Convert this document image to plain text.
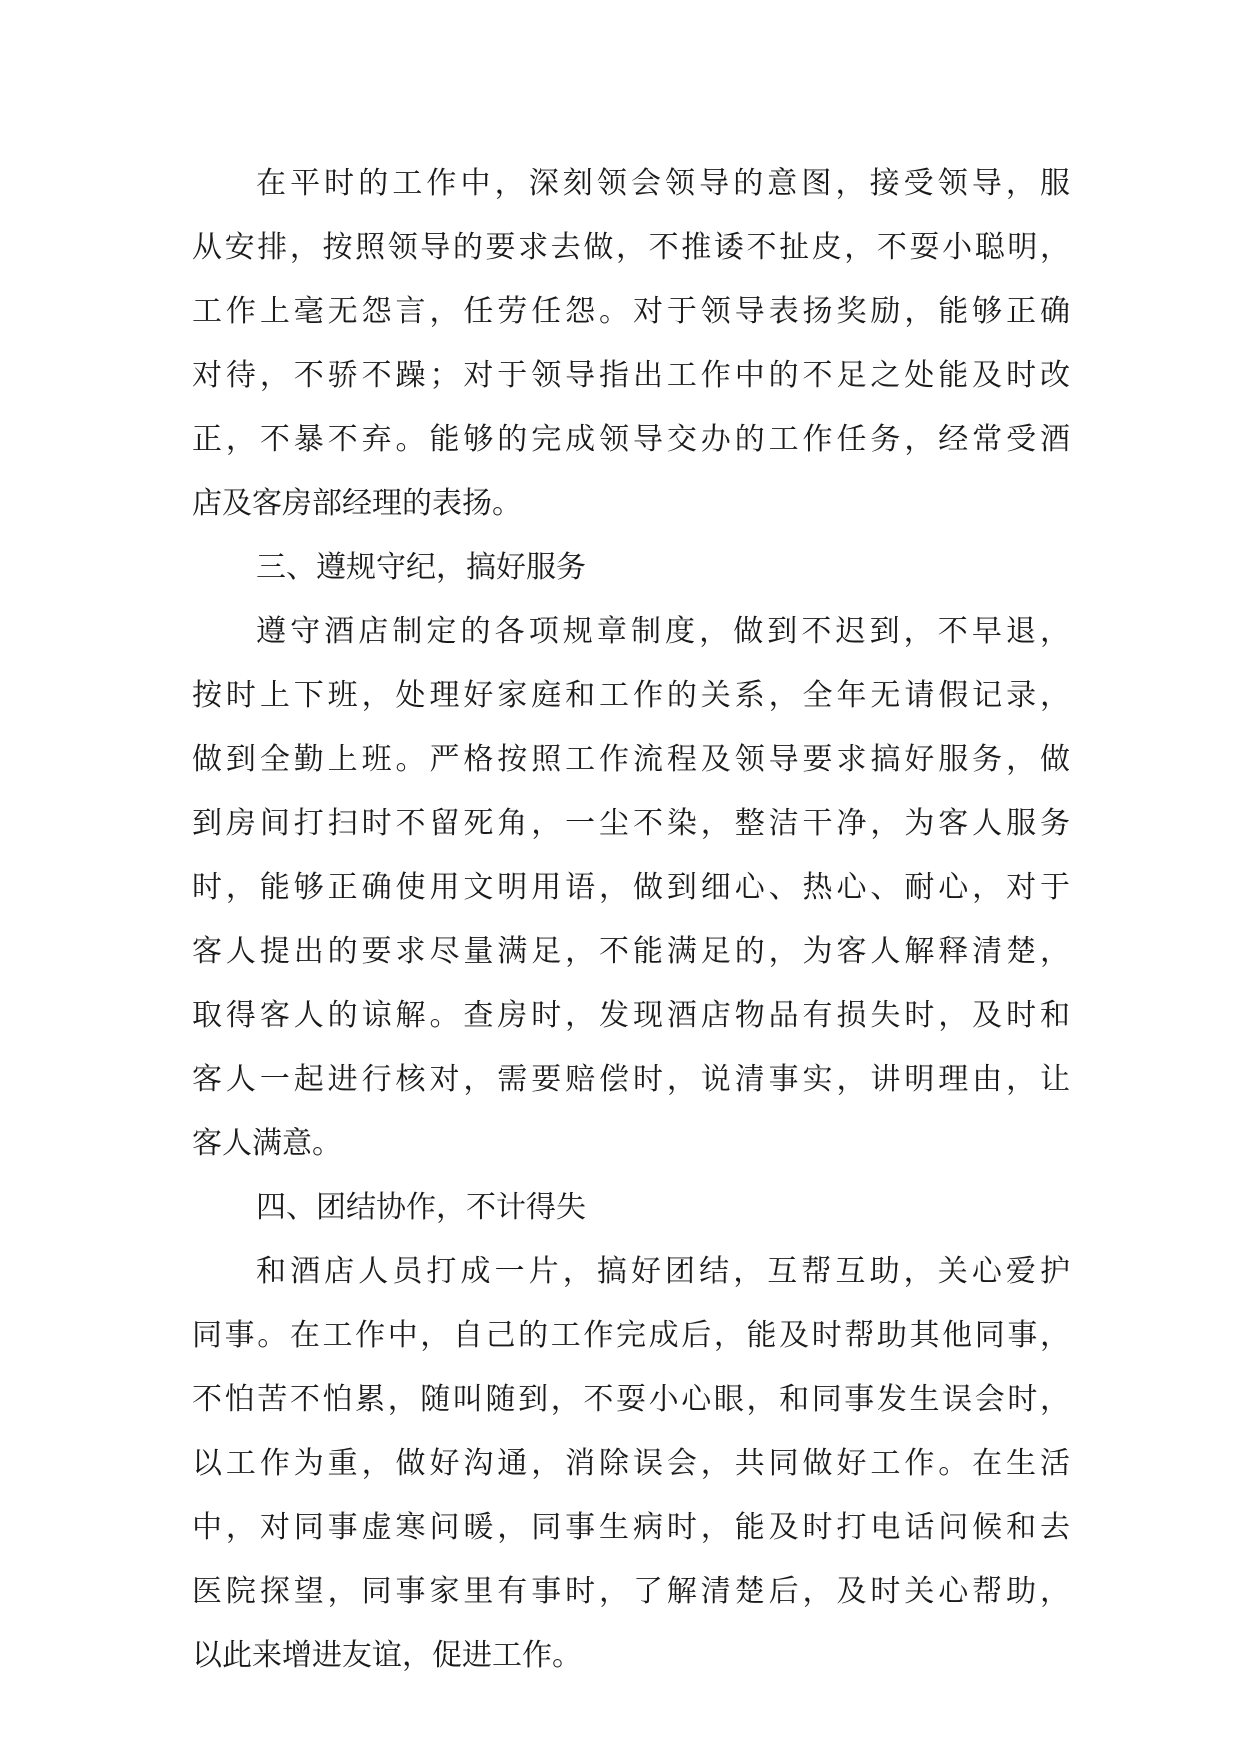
在平时的工作中，深刻领会领导的意图，接受领导，服
从安排，按照领导的要求去做，不推诿不扯皮，不耍小聪明，
工作上毫无怨言，任劳任怨。对于领导表扬奖励，能够正确
对待，不骄不躁；对于领导指出工作中的不足之处能及时改
正，不暴不弃。能够的完成领导交办的工作任务，经常受酒
店及客房部经理的表扬。
三、遵规守纪，搞好服务
遵守酒店制定的各项规章制度，做到不迟到，不早退，
按时上下班，处理好家庭和工作的关系，全年无请假记录，
做到全勤上班。严格按照工作流程及领导要求搞好服务，做
到房间打扫时不留死角，一尘不染，整洁干净，为客人服务
时，能够正确使用文明用语，做到细心、热心、耐心，对于
客人提出的要求尽量满足，不能满足的，为客人解释清楚，
取得客人的谅解。查房时，发现酒店物品有损失时，及时和
客人一起进行核对，需要赔偿时，说清事实，讲明理由，让
客人满意。
四、团结协作，不计得失
和酒店人员打成一片，搞好团结，互帮互助，关心爱护
同事。在工作中，自己的工作完成后，能及时帮助其他同事，
不怕苦不怕累，随叫随到，不耍小心眼，和同事发生误会时，
以工作为重，做好沟通，消除误会，共同做好工作。在生活
中，对同事虚寒问暖，同事生病时，能及时打电话问候和去
医院探望，同事家里有事时，了解清楚后，及时关心帮助，
以此来增进友谊，促进工作。
